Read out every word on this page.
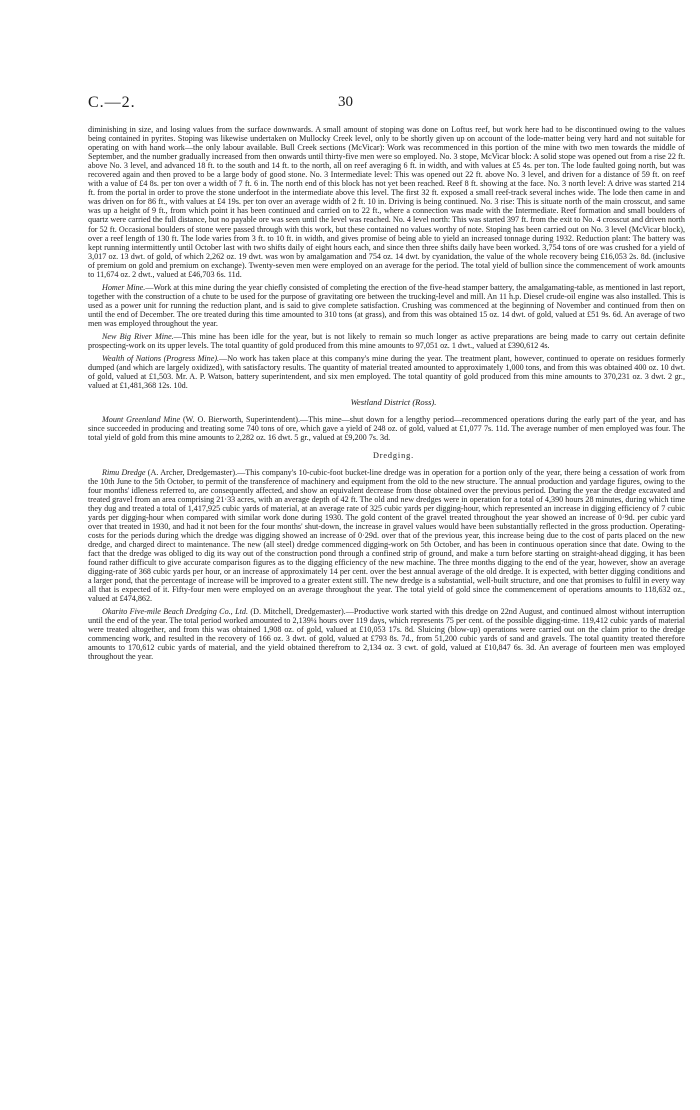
C.—2.	30

diminishing in size, and losing values from the surface downwards. A small amount of stoping was done on Loftus reef, but work here had to be discontinued owing to the values being contained in pyrites. Stoping was likewise undertaken on Mullocky Creek level, only to be shortly given up on account of the lode-matter being very hard and not suitable for operating on with hand work—the only labour available. Bull Creek sections (McVicar): Work was recommenced in this portion of the mine with two men towards the middle of September, and the number gradually increased from then onwards until thirty-five men were so employed. No. 3 stope, McVicar block: A solid stope was opened out from a rise 22 ft. above No. 3 level, and advanced 18 ft. to the south and 14 ft. to the north, all on reef averaging 6 ft. in width, and with values at £5 4s. per ton. The lode faulted going north, but was recovered again and then proved to be a large body of good stone. No. 3 Intermediate level: This was opened out 22 ft. above No. 3 level, and driven for a distance of 59 ft. on reef with a value of £4 8s. per ton over a width of 7 ft. 6 in. The north end of this block has not yet been reached. Reef 8 ft. showing at the face. No. 3 north level: A drive was started 214 ft. from the portal in order to prove the stone underfoot in the intermediate above this level. The first 32 ft. exposed a small reef-track several inches wide. The lode then came in and was driven on for 86 ft., with values at £4 19s. per ton over an average width of 2 ft. 10 in. Driving is being continued. No. 3 rise: This is situate north of the main crosscut, and same was up a height of 9 ft., from which point it has been continued and carried on to 22 ft., where a connection was made with the Intermediate. Reef formation and small boulders of quartz were carried the full distance, but no payable ore was seen until the level was reached. No. 4 level north: This was started 397 ft. from the exit to No. 4 crosscut and driven north for 52 ft. Occasional boulders of stone were passed through with this work, but these contained no values worthy of note. Stoping has been carried out on No. 3 level (McVicar block), over a reef length of 130 ft. The lode varies from 3 ft. to 10 ft. in width, and gives promise of being able to yield an increased tonnage during 1932. Reduction plant: The battery was kept running intermittently until October last with two shifts daily of eight hours each, and since then three shifts daily have been worked. 3,754 tons of ore was crushed for a yield of 3,017 oz. 13 dwt. of gold, of which 2,262 oz. 19 dwt. was won by amalgamation and 754 oz. 14 dwt. by cyanidation, the value of the whole recovery being £16,053 2s. 8d. (inclusive of premium on gold and premium on exchange). Twenty-seven men were employed on an average for the period. The total yield of bullion since the commencement of work amounts to 11,674 oz. 2 dwt., valued at £46,703 6s. 11d.

Homer Mine.—Work at this mine during the year chiefly consisted of completing the erection of the five-head stamper battery, the amalgamating-table, as mentioned in last report, together with the construction of a chute to be used for the purpose of gravitating ore between the trucking-level and mill. An 11 h.p. Diesel crude-oil engine was also installed. This is used as a power unit for running the reduction plant, and is said to give complete satisfaction. Crushing was commenced at the beginning of November and continued from then on until the end of December. The ore treated during this time amounted to 310 tons (at grass), and from this was obtained 15 oz. 14 dwt. of gold, valued at £51 9s. 6d. An average of two men was employed throughout the year.

New Big River Mine.—This mine has been idle for the year, but is not likely to remain so much longer as active preparations are being made to carry out certain definite prospecting-work on its upper levels. The total quantity of gold produced from this mine amounts to 97,051 oz. 1 dwt., valued at £390,612 4s.

Wealth of Nations (Progress Mine).—No work has taken place at this company's mine during the year. The treatment plant, however, continued to operate on residues formerly dumped (and which are largely oxidized), with satisfactory results. The quantity of material treated amounted to approximately 1,000 tons, and from this was obtained 400 oz. 10 dwt. of gold, valued at £1,503. Mr. A. P. Watson, battery superintendent, and six men employed. The total quantity of gold produced from this mine amounts to 370,231 oz. 3 dwt. 2 gr., valued at £1,481,368 12s. 10d.

Westland District (Ross).

Mount Greenland Mine (W. O. Bierworth, Superintendent).—This mine—shut down for a lengthy period—recommenced operations during the early part of the year, and has since succeeded in producing and treating some 740 tons of ore, which gave a yield of 248 oz. of gold, valued at £1,077 7s. 11d. The average number of men employed was four. The total yield of gold from this mine amounts to 2,282 oz. 16 dwt. 5 gr., valued at £9,200 7s. 3d.

Dredging.

Rimu Dredge (A. Archer, Dredgemaster).—This company's 10-cubic-foot bucket-line dredge was in operation for a portion only of the year, there being a cessation of work from the 10th June to the 5th October, to permit of the transference of machinery and equipment from the old to the new structure. The annual production and yardage figures, owing to the four months' idleness referred to, are consequently affected, and show an equivalent decrease from those obtained over the previous period. During the year the dredge excavated and treated gravel from an area comprising 21·33 acres, with an average depth of 42 ft. The old and new dredges were in operation for a total of 4,390 hours 28 minutes, during which time they dug and treated a total of 1,417,925 cubic yards of material, at an average rate of 325 cubic yards per digging-hour, which represented an increase in digging efficiency of 7 cubic yards per digging-hour when compared with similar work done during 1930. The gold content of the gravel treated throughout the year showed an increase of 0·9d. per cubic yard over that treated in 1930, and had it not been for the four months' shut-down, the increase in gravel values would have been substantially reflected in the gross production. Operating-costs for the periods during which the dredge was digging showed an increase of 0·29d. over that of the previous year, this increase being due to the cost of parts placed on the new dredge, and charged direct to maintenance. The new (all steel) dredge commenced digging-work on 5th October, and has been in continuous operation since that date. Owing to the fact that the dredge was obliged to dig its way out of the construction pond through a confined strip of ground, and make a turn before starting on straight-ahead digging, it has been found rather difficult to give accurate comparison figures as to the digging efficiency of the new machine. The three months digging to the end of the year, however, show an average digging-rate of 368 cubic yards per hour, or an increase of approximately 14 per cent. over the best annual average of the old dredge. It is expected, with better digging conditions and a larger pond, that the percentage of increase will be improved to a greater extent still. The new dredge is a substantial, well-built structure, and one that promises to fulfil in every way all that is expected of it. Fifty-four men were employed on an average throughout the year. The total yield of gold since the commencement of operations amounts to 118,632 oz., valued at £474,862.

Okarito Five-mile Beach Dredging Co., Ltd. (D. Mitchell, Dredgemaster).—Productive work started with this dredge on 22nd August, and continued almost without interruption until the end of the year. The total period worked amounted to 2,139¼ hours over 119 days, which represents 75 per cent. of the possible digging-time. 119,412 cubic yards of material were treated altogether, and from this was obtained 1,908 oz. of gold, valued at £10,053 17s. 8d. Sluicing (blow-up) operations were carried out on the claim prior to the dredge commencing work, and resulted in the recovery of 166 oz. 3 dwt. of gold, valued at £793 8s. 7d., from 51,200 cubic yards of sand and gravels. The total quantity treated therefore amounts to 170,612 cubic yards of material, and the yield obtained therefrom to 2,134 oz. 3 cwt. of gold, valued at £10,847 6s. 3d. An average of fourteen men was employed throughout the year.
